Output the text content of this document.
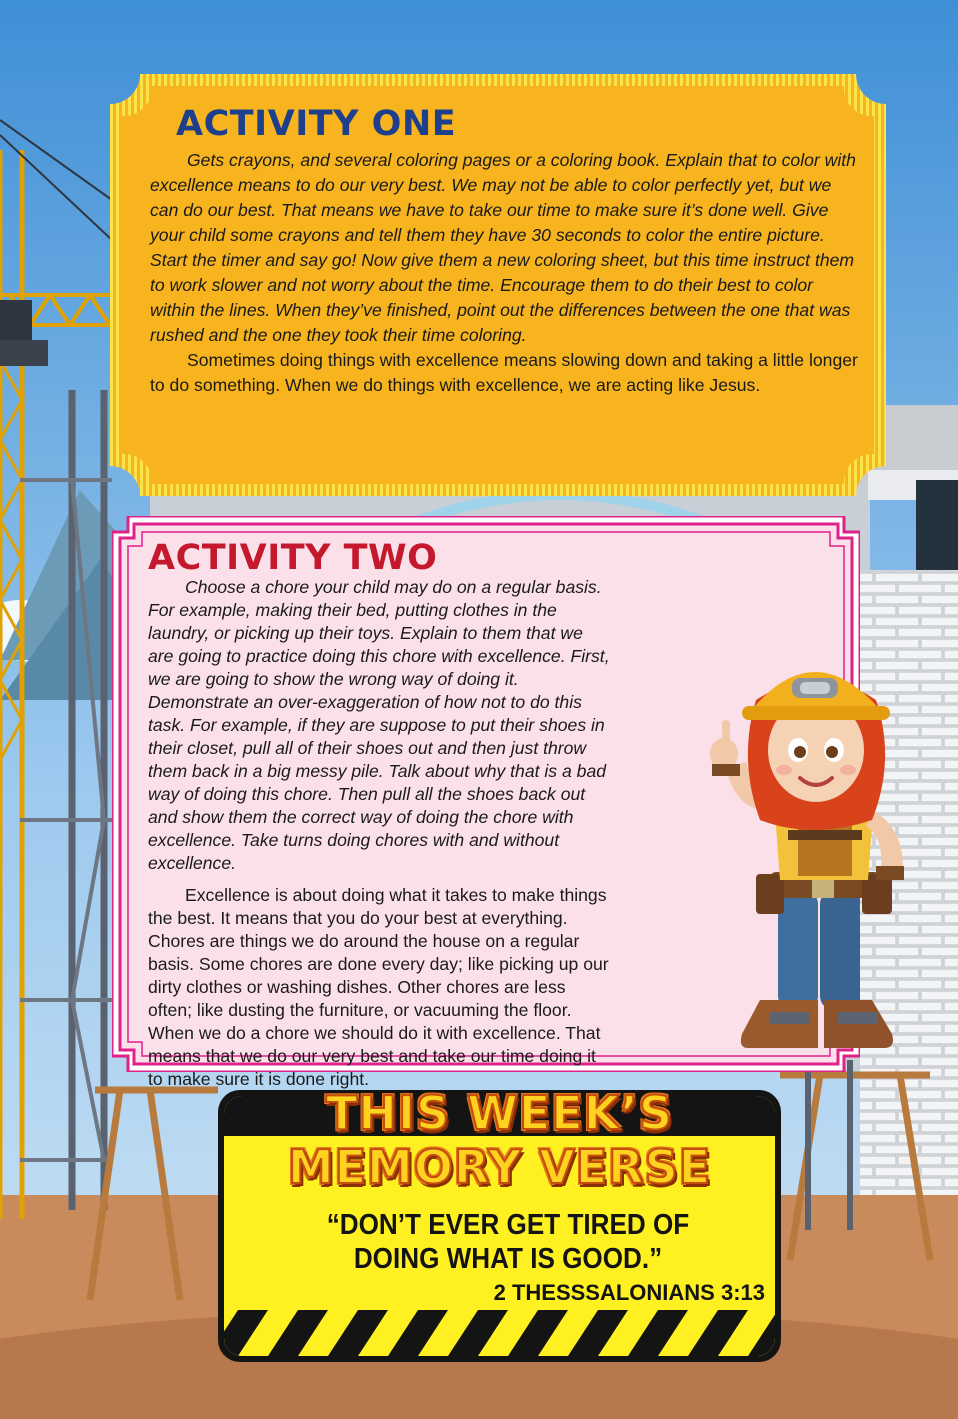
ACTIVITY ONE

Gets crayons, and several coloring pages or a coloring book. Explain that to color with excellence means to do our very best. We may not be able to color perfectly yet, but we can do our best. That means we have to take our time to make sure it’s done well. Give your child some crayons and tell them they have 30 seconds to color the entire picture. Start the timer and say go! Now give them a new coloring sheet, but this time instruct them to work slower and not worry about the time. Encourage them to do their best to color within the lines. When they’ve finished, point out the differences between the one that was rushed and the one they took their time coloring.

Sometimes doing things with excellence means slowing down and taking a little longer to do something. When we do things with excellence, we are acting like Jesus.

ACTIVITY TWO

Choose a chore your child may do on a regular basis. For example, making their bed, putting clothes in the laundry, or picking up their toys. Explain to them that we are going to practice doing this chore with excellence. First, we are going to show the wrong way of doing it. Demonstrate an over-exaggeration of how not to do this task. For example, if they are suppose to put their shoes in their closet, pull all of their shoes out and then just throw them back in a big messy pile. Talk about why that is a bad way of doing this chore. Then pull all the shoes back out and show them the correct way of doing the chore with excellence. Take turns doing chores with and without excellence.

Excellence is about doing what it takes to make things the best. It means that you do your best at everything. Chores are things we do around the house on a regular basis. Some chores are done every day; like picking up our dirty clothes or washing dishes. Other chores are less often; like dusting the furniture, or vacuuming the floor. When we do a chore we should do it with excellence. That means that we do our very best and take our time doing it to make sure it is done right.

THIS WEEK’S
MEMORY VERSE

“DON’T EVER GET TIRED OF DOING WHAT IS GOOD.”

2 THESSSALONIANS 3:13
